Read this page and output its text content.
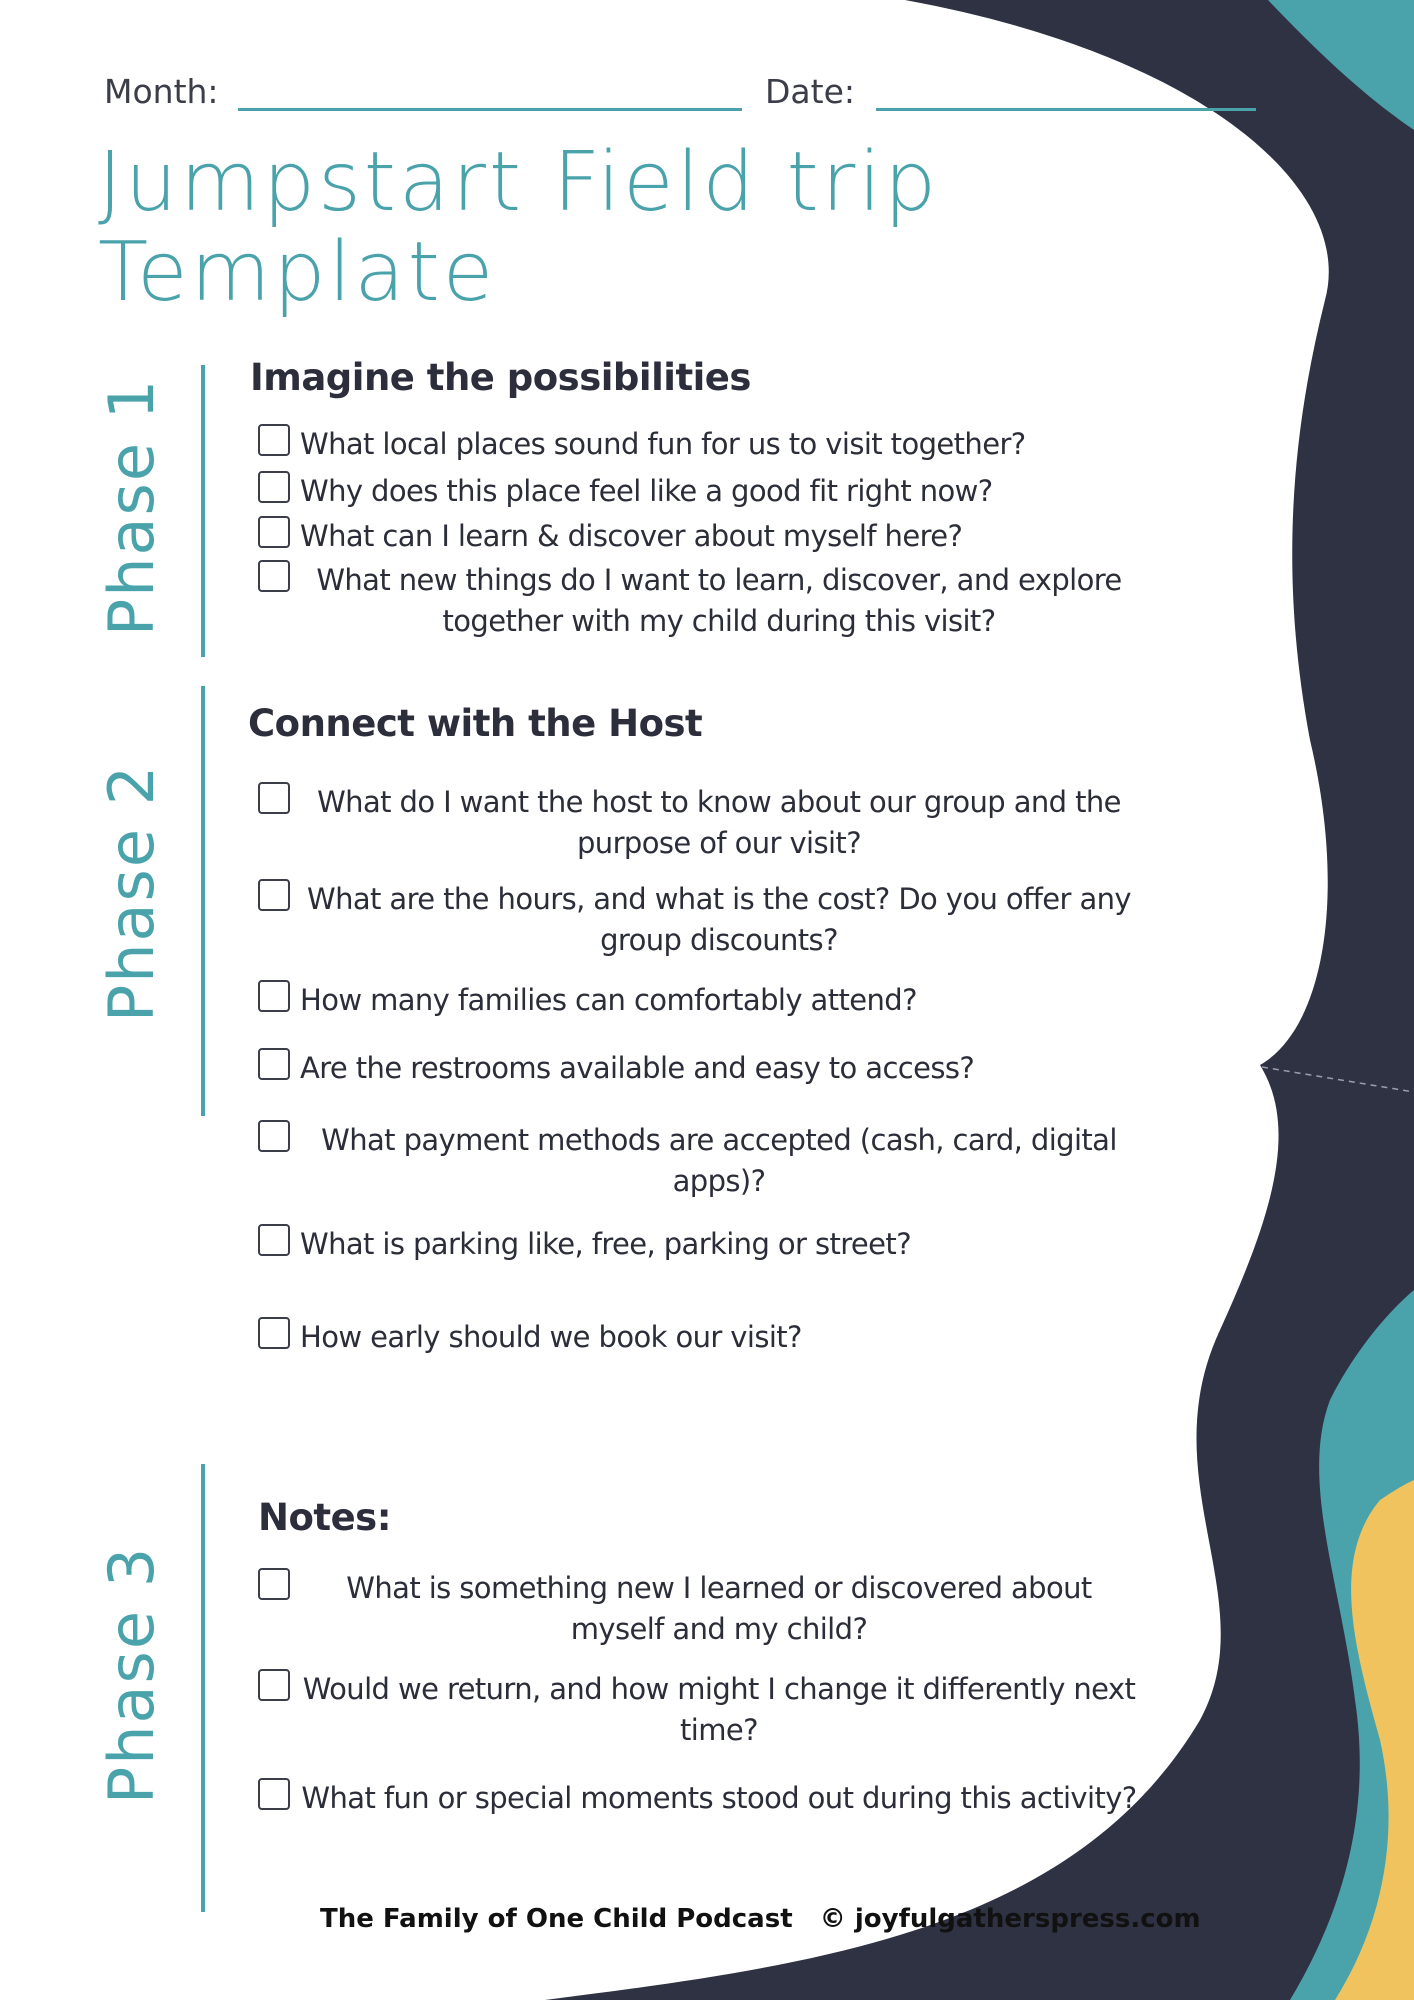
Month:	Date:
Jumpstart Field trip
Template
Phase 1
Imagine the possibilities
What local places sound fun for us to visit together?
Why does this place feel like a good fit right now?
What can I learn & discover about myself here?
What new things do I want to learn, discover, and explore together with my child during this visit?
Phase 2
Connect with the Host
What do I want the host to know about our group and the purpose of our visit?
What are the hours, and what is the cost? Do you offer any group discounts?
How many families can comfortably attend?
Are the restrooms available and easy to access?
What payment methods are accepted (cash, card, digital apps)?
What is parking like, free, parking or street?
How early should we book our visit?
Phase 3
Notes:
What is something new I learned or discovered about myself and my child?
Would we return, and how might I change it differently next time?
What fun or special moments stood out during this activity?
The Family of One Child Podcast © joyfulgatherspress.com
